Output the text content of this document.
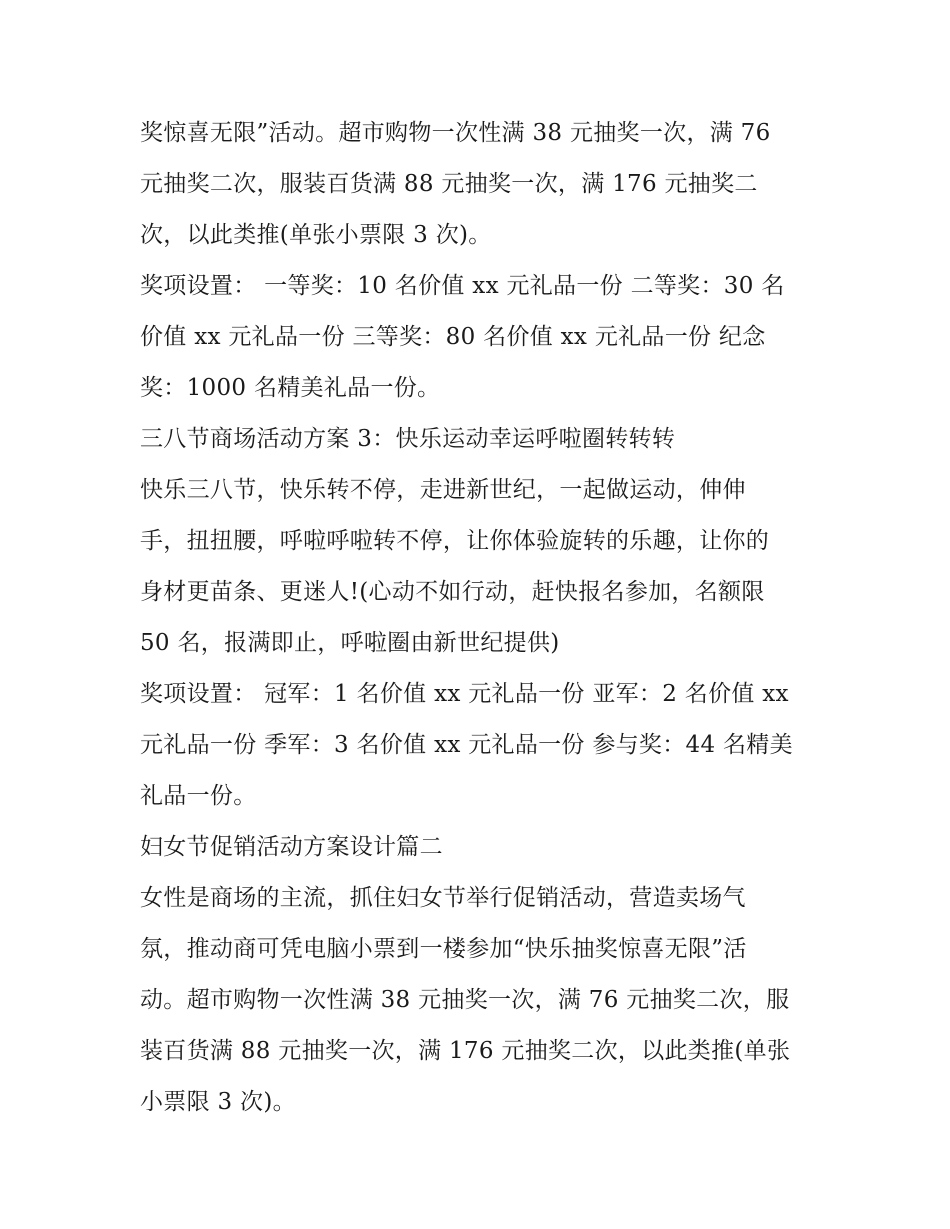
奖惊喜无限”活动。超市购物一次性满 38 元抽奖一次，满 76
元抽奖二次，服装百货满 88 元抽奖一次，满 176 元抽奖二
次，以此类推(单张小票限 3 次)。
奖项设置： 一等奖：10 名价值 xx 元礼品一份 二等奖：30 名
价值 xx 元礼品一份 三等奖：80 名价值 xx 元礼品一份 纪念
奖：1000 名精美礼品一份。
三八节商场活动方案 3：快乐运动幸运呼啦圈转转转
快乐三八节，快乐转不停，走进新世纪，一起做运动，伸伸
手，扭扭腰，呼啦呼啦转不停，让你体验旋转的乐趣，让你的
身材更苗条、更迷人!(心动不如行动，赶快报名参加，名额限
50 名，报满即止，呼啦圈由新世纪提供)
奖项设置： 冠军：1 名价值 xx 元礼品一份 亚军：2 名价值 xx
元礼品一份 季军：3 名价值 xx 元礼品一份 参与奖：44 名精美
礼品一份。
妇女节促销活动方案设计篇二
女性是商场的主流，抓住妇女节举行促销活动，营造卖场气
氛，推动商可凭电脑小票到一楼参加“快乐抽奖惊喜无限”活
动。超市购物一次性满 38 元抽奖一次，满 76 元抽奖二次，服
装百货满 88 元抽奖一次，满 176 元抽奖二次，以此类推(单张
小票限 3 次)。
